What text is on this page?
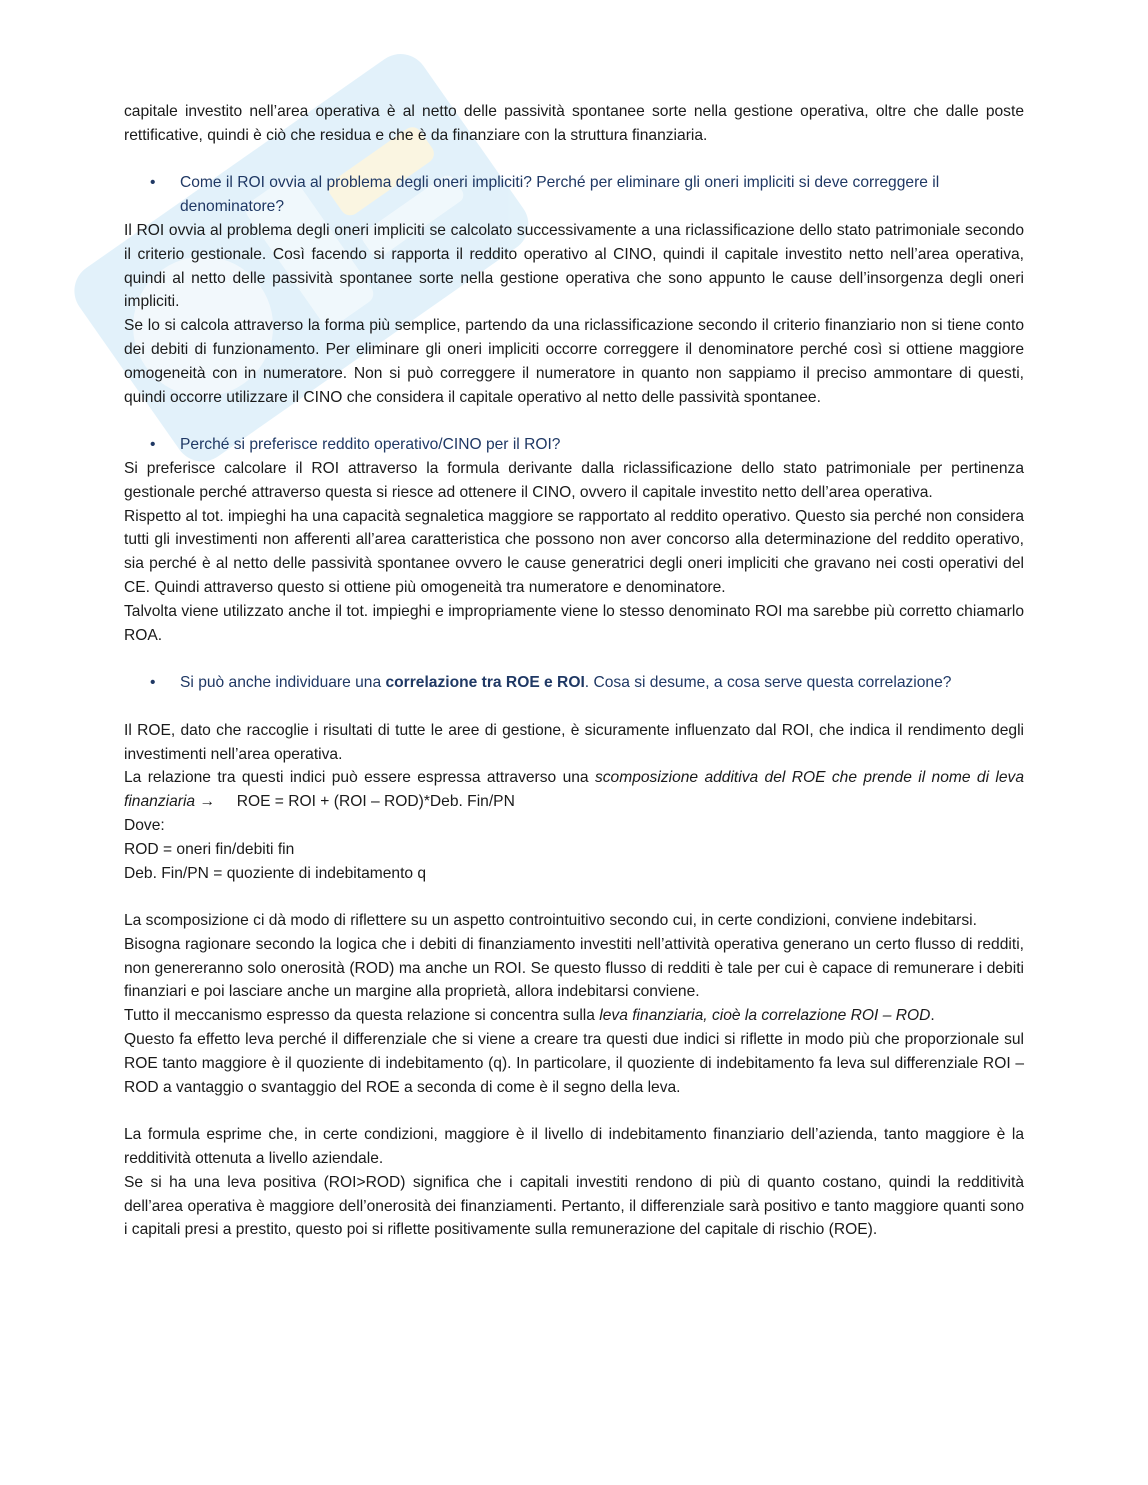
capitale investito nell’area operativa è al netto delle passività spontanee sorte nella gestione operativa, oltre che dalle poste rettificative, quindi è ciò che residua e che è da finanziare con la struttura finanziaria.

• Come il ROI ovvia al problema degli oneri impliciti? Perché per eliminare gli oneri impliciti si deve correggere il denominatore?

Il ROI ovvia al problema degli oneri impliciti se calcolato successivamente a una riclassificazione dello stato patrimoniale secondo il criterio gestionale. Così facendo si rapporta il reddito operativo al CINO, quindi il capitale investito netto nell’area operativa, quindi al netto delle passività spontanee sorte nella gestione operativa che sono appunto le cause dell’insorgenza degli oneri impliciti.

Se lo si calcola attraverso la forma più semplice, partendo da una riclassificazione secondo il criterio finanziario non si tiene conto dei debiti di funzionamento. Per eliminare gli oneri impliciti occorre correggere il denominatore perché così si ottiene maggiore omogeneità con in numeratore. Non si può correggere il numeratore in quanto non sappiamo il preciso ammontare di questi, quindi occorre utilizzare il CINO che considera il capitale operativo al netto delle passività spontanee.

• Perché si preferisce reddito operativo/CINO per il ROI?

Si preferisce calcolare il ROI attraverso la formula derivante dalla riclassificazione dello stato patrimoniale per pertinenza gestionale perché attraverso questa si riesce ad ottenere il CINO, ovvero il capitale investito netto dell’area operativa.

Rispetto al tot. impieghi ha una capacità segnaletica maggiore se rapportato al reddito operativo. Questo sia perché non considera tutti gli investimenti non afferenti all’area caratteristica che possono non aver concorso alla determinazione del reddito operativo, sia perché è al netto delle passività spontanee ovvero le cause generatrici degli oneri impliciti che gravano nei costi operativi del CE. Quindi attraverso questo si ottiene più omogeneità tra numeratore e denominatore.

Talvolta viene utilizzato anche il tot. impieghi e impropriamente viene lo stesso denominato ROI ma sarebbe più corretto chiamarlo ROA.

• Si può anche individuare una correlazione tra ROE e ROI. Cosa si desume, a cosa serve questa correlazione?

Il ROE, dato che raccoglie i risultati di tutte le aree di gestione, è sicuramente influenzato dal ROI, che indica il rendimento degli investimenti nell’area operativa.

La relazione tra questi indici può essere espressa attraverso una scomposizione additiva del ROE che prende il nome di leva finanziaria →     ROE = ROI + (ROI – ROD)*Deb. Fin/PN

Dove:

ROD = oneri fin/debiti fin

Deb. Fin/PN = quoziente di indebitamento q

La scomposizione ci dà modo di riflettere su un aspetto controintuitivo secondo cui, in certe condizioni, conviene indebitarsi.

Bisogna ragionare secondo la logica che i debiti di finanziamento investiti nell’attività operativa generano un certo flusso di redditi, non genereranno solo onerosità (ROD) ma anche un ROI. Se questo flusso di redditi è tale per cui è capace di remunerare i debiti finanziari e poi lasciare anche un margine alla proprietà, allora indebitarsi conviene.

Tutto il meccanismo espresso da questa relazione si concentra sulla leva finanziaria, cioè la correlazione ROI – ROD.

Questo fa effetto leva perché il differenziale che si viene a creare tra questi due indici si riflette in modo più che proporzionale sul ROE tanto maggiore è il quoziente di indebitamento (q). In particolare, il quoziente di indebitamento fa leva sul differenziale ROI – ROD a vantaggio o svantaggio del ROE a seconda di come è il segno della leva.

La formula esprime che, in certe condizioni, maggiore è il livello di indebitamento finanziario dell’azienda, tanto maggiore è la redditività ottenuta a livello aziendale.

Se si ha una leva positiva (ROI>ROD) significa che i capitali investiti rendono di più di quanto costano, quindi la redditività dell’area operativa è maggiore dell’onerosità dei finanziamenti. Pertanto, il differenziale sarà positivo e tanto maggiore quanti sono i capitali presi a prestito, questo poi si riflette positivamente sulla remunerazione del capitale di rischio (ROE).
